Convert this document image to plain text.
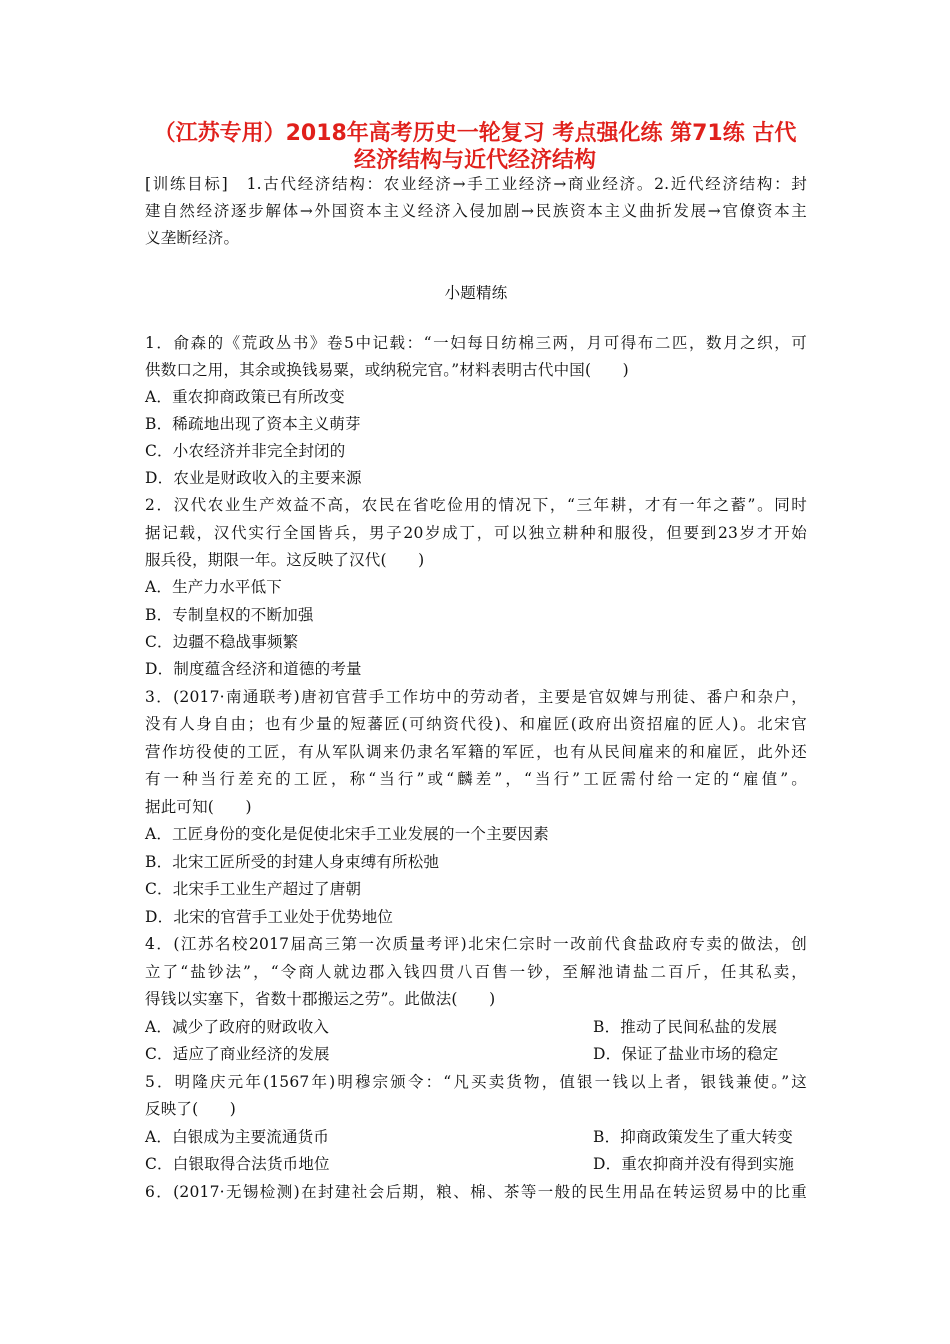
（江苏专用）2018年高考历史一轮复习 考点强化练 第71练 古代
经济结构与近代经济结构
[训练目标]　1.古代经济结构：农业经济→手工业经济→商业经济。2.近代经济结构：封
建自然经济逐步解体→外国资本主义经济入侵加剧→民族资本主义曲折发展→官僚资本主
义垄断经济。
小题精练
1．俞森的《荒政丛书》卷5中记载：“一妇每日纺棉三两，月可得布二匹，数月之织，可
供数口之用，其余或换钱易粟，或纳税完官。”材料表明古代中国(　　)
A．重农抑商政策已有所改变
B．稀疏地出现了资本主义萌芽
C．小农经济并非完全封闭的
D．农业是财政收入的主要来源
2．汉代农业生产效益不高，农民在省吃俭用的情况下，“三年耕，才有一年之蓄”。同时
据记载，汉代实行全国皆兵，男子20岁成丁，可以独立耕种和服役，但要到23岁才开始
服兵役，期限一年。这反映了汉代(　　)
A．生产力水平低下
B．专制皇权的不断加强
C．边疆不稳战事频繁
D．制度蕴含经济和道德的考量
3．(2017·南通联考)唐初官营手工作坊中的劳动者，主要是官奴婢与刑徒、番户和杂户，
没有人身自由；也有少量的短蕃匠(可纳资代役)、和雇匠(政府出资招雇的匠人)。北宋官
营作坊役使的工匠，有从军队调来仍隶名军籍的军匠，也有从民间雇来的和雇匠，此外还
有一种当行差充的工匠，称“当行”或“麟差”，“当行”工匠需付给一定的“雇值”。
据此可知(　　)
A．工匠身份的变化是促使北宋手工业发展的一个主要因素
B．北宋工匠所受的封建人身束缚有所松弛
C．北宋手工业生产超过了唐朝
D．北宋的官营手工业处于优势地位
4．(江苏名校2017届高三第一次质量考评)北宋仁宗时一改前代食盐政府专卖的做法，创
立了“盐钞法”，“令商人就边郡入钱四贯八百售一钞，至解池请盐二百斤，任其私卖，
得钱以实塞下，省数十郡搬运之劳”。此做法(　　)
A．减少了政府的财政收入	B．推动了民间私盐的发展
C．适应了商业经济的发展	D．保证了盐业市场的稳定
5．明隆庆元年(1567年)明穆宗颁令：“凡买卖货物，值银一钱以上者，银钱兼使。”这
反映了(　　)
A．白银成为主要流通货币	B．抑商政策发生了重大转变
C．白银取得合法货币地位	D．重农抑商并没有得到实施
6．(2017·无锡检测)在封建社会后期，粮、棉、茶等一般的民生用品在转运贸易中的比重
